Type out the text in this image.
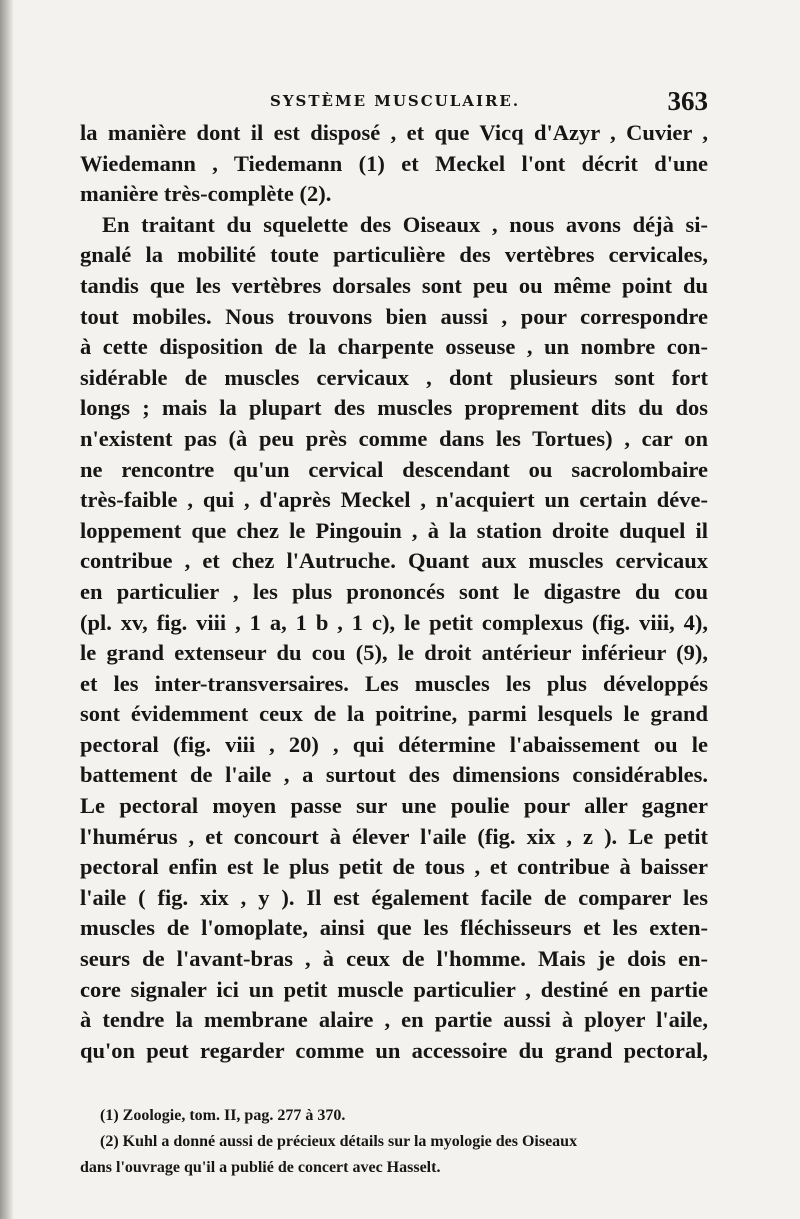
SYSTÈME MUSCULAIRE.	363
la manière dont il est disposé , et que Vicq d'Azyr , Cuvier ,
Wiedemann , Tiedemann (1) et Meckel l'ont décrit d'une
manière très-complète (2).
En traitant du squelette des Oiseaux , nous avons déjà si-
gnalé la mobilité toute particulière des vertèbres cervicales,
tandis que les vertèbres dorsales sont peu ou même point du
tout mobiles. Nous trouvons bien aussi , pour correspondre
à cette disposition de la charpente osseuse , un nombre con-
sidérable de muscles cervicaux , dont plusieurs sont fort
longs ; mais la plupart des muscles proprement dits du dos
n'existent pas (à peu près comme dans les Tortues) , car on
ne rencontre qu'un cervical descendant ou sacrolombaire
très-faible , qui , d'après Meckel , n'acquiert un certain déve-
loppement que chez le Pingouin , à la station droite duquel il
contribue , et chez l'Autruche. Quant aux muscles cervicaux
en particulier , les plus prononcés sont le digastre du cou
(pl. xv, fig. viii , 1 a, 1 b , 1 c), le petit complexus (fig. viii, 4),
le grand extenseur du cou (5), le droit antérieur inférieur (9),
et les inter-transversaires. Les muscles les plus développés
sont évidemment ceux de la poitrine, parmi lesquels le grand
pectoral (fig. viii , 20) , qui détermine l'abaissement ou le
battement de l'aile , a surtout des dimensions considérables.
Le pectoral moyen passe sur une poulie pour aller gagner
l'humérus , et concourt à élever l'aile (fig. xix , z ). Le petit
pectoral enfin est le plus petit de tous , et contribue à baisser
l'aile ( fig. xix , y ). Il est également facile de comparer les
muscles de l'omoplate, ainsi que les fléchisseurs et les exten-
seurs de l'avant-bras , à ceux de l'homme. Mais je dois en-
core signaler ici un petit muscle particulier , destiné en partie
à tendre la membrane alaire , en partie aussi à ployer l'aile,
qu'on peut regarder comme un accessoire du grand pectoral,
(1) Zoologie, tom. II, pag. 277 à 370.
(2) Kuhl a donné aussi de précieux détails sur la myologie des Oiseaux
dans l'ouvrage qu'il a publié de concert avec Hasselt.
